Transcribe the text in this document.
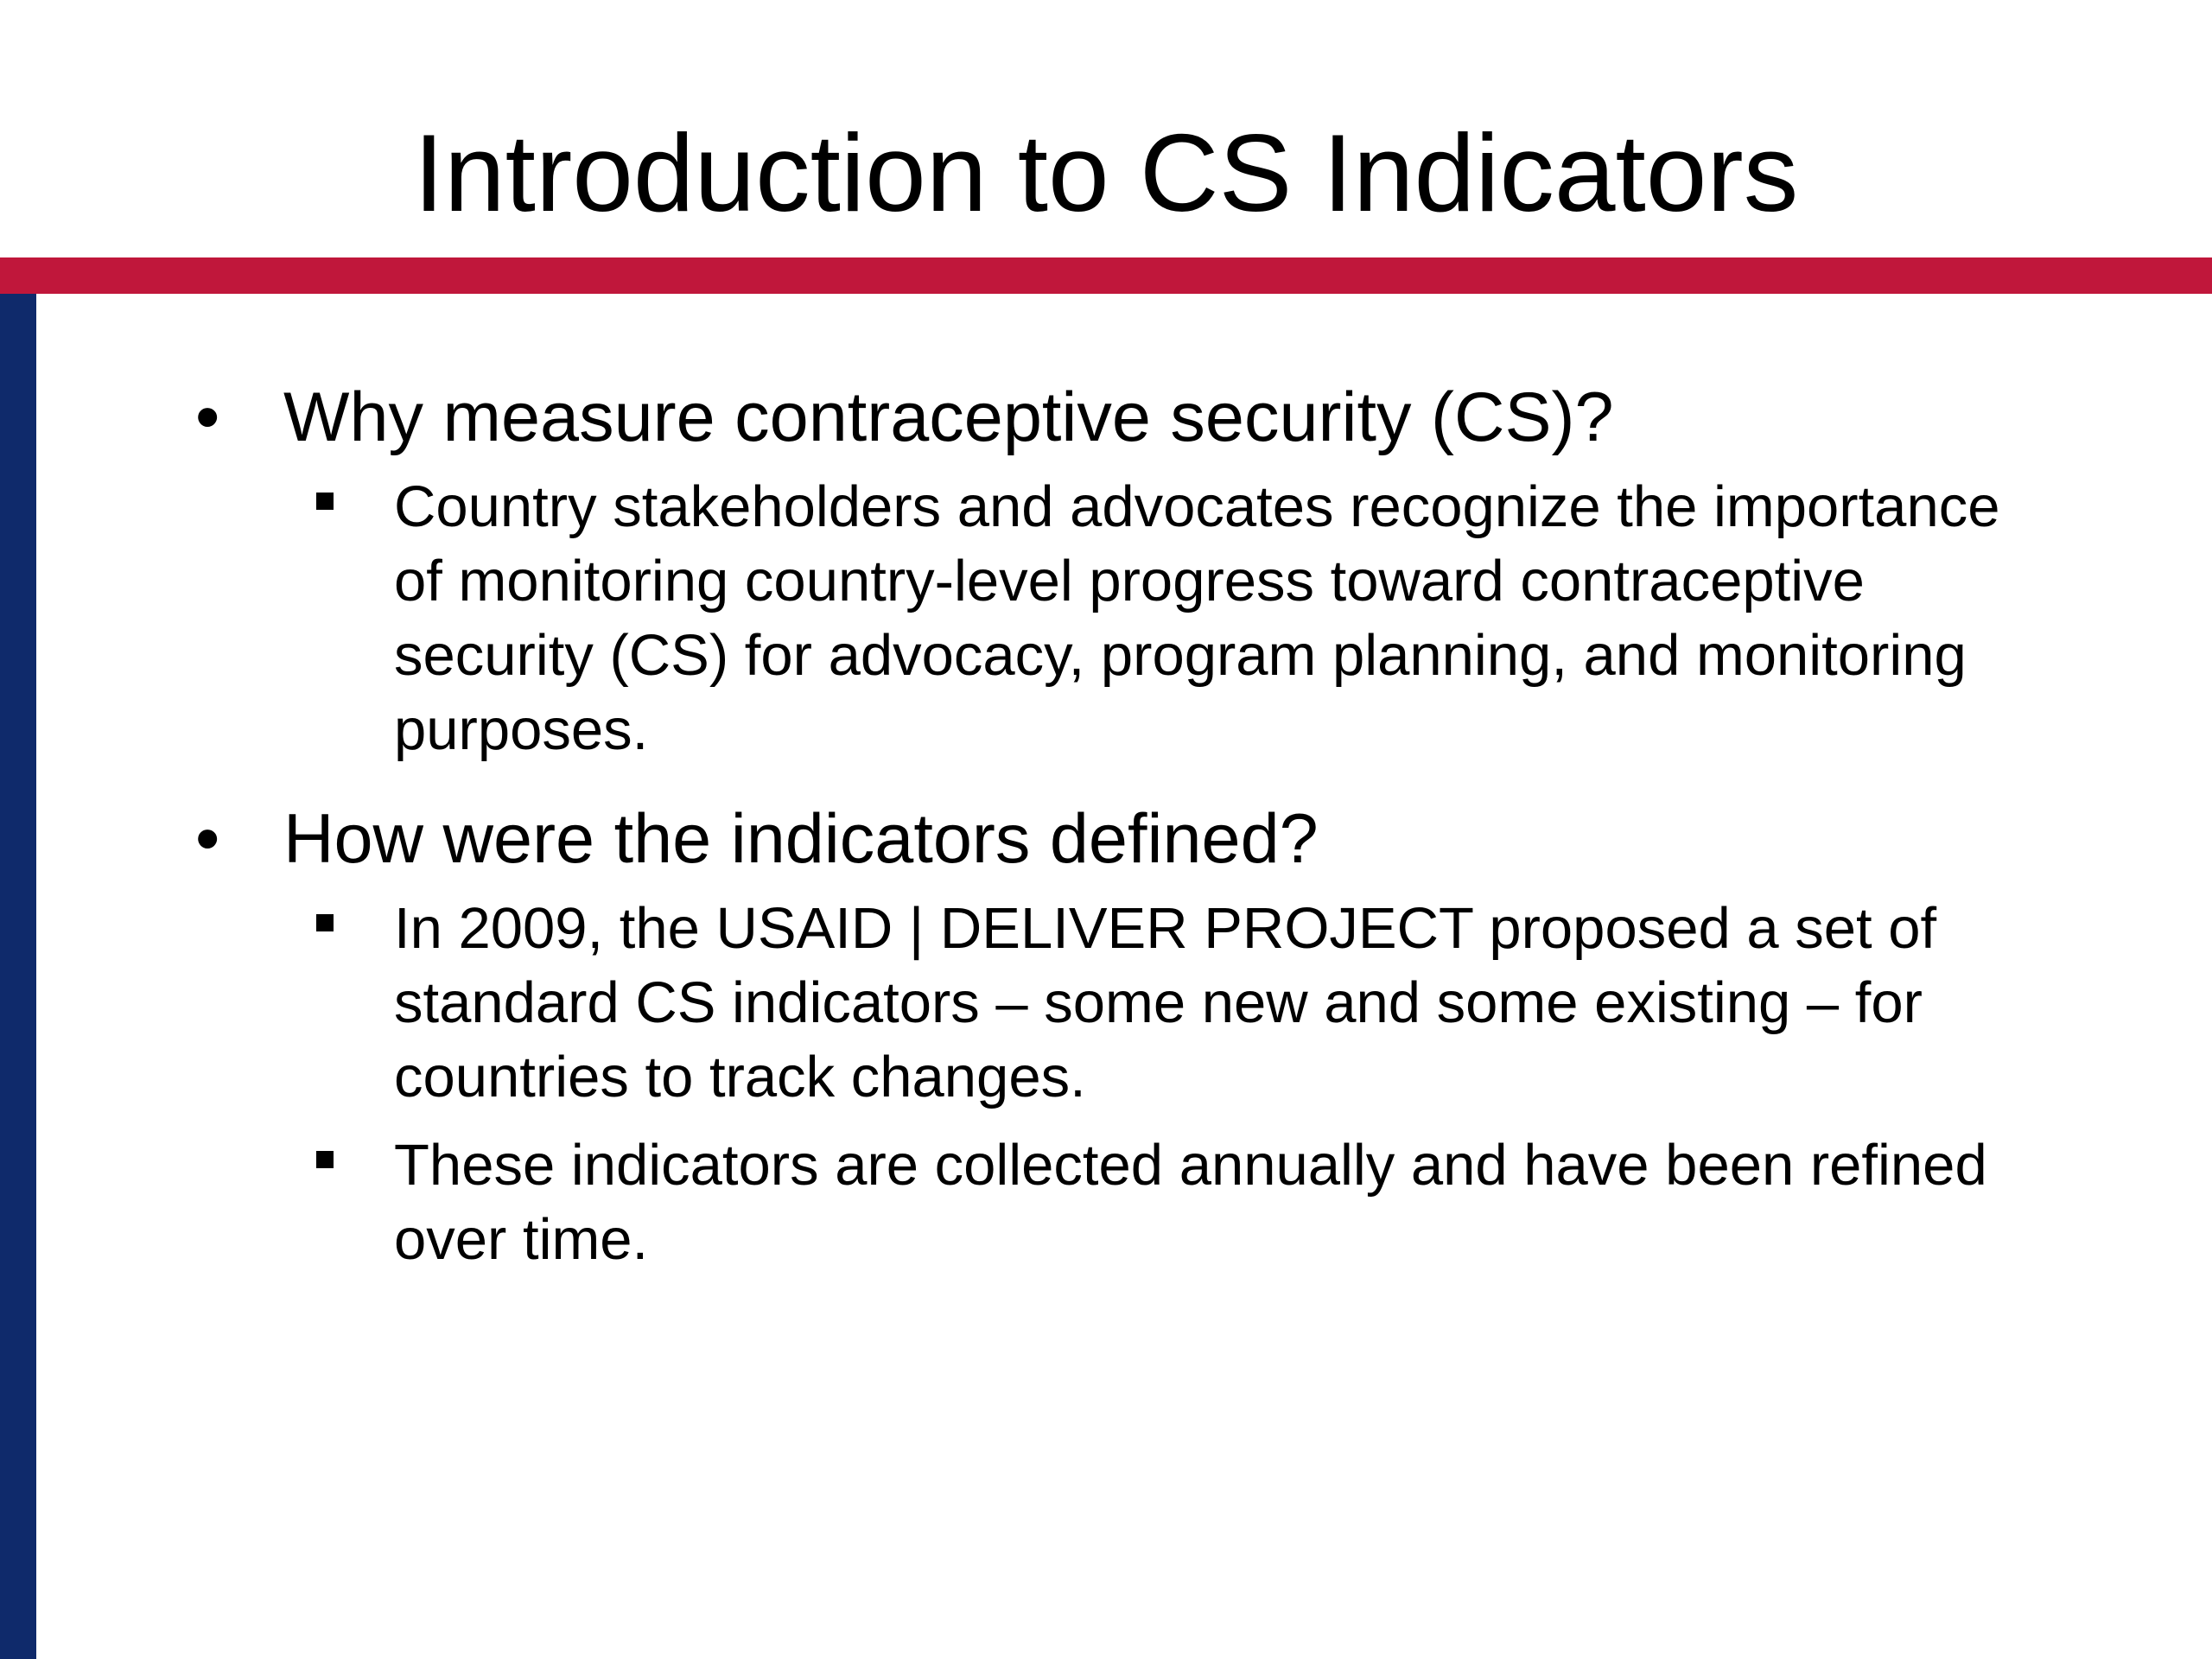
Introduction to CS Indicators
• Why measure contraceptive security (CS)?
Country stakeholders and advocates recognize the importance of monitoring country-level progress toward contraceptive security (CS) for advocacy, program planning, and monitoring purposes.
• How were the indicators defined?
In 2009, the USAID | DELIVER PROJECT proposed a set of standard CS indicators – some new and some existing – for countries to track changes.
These indicators are collected annually and have been refined over time.
